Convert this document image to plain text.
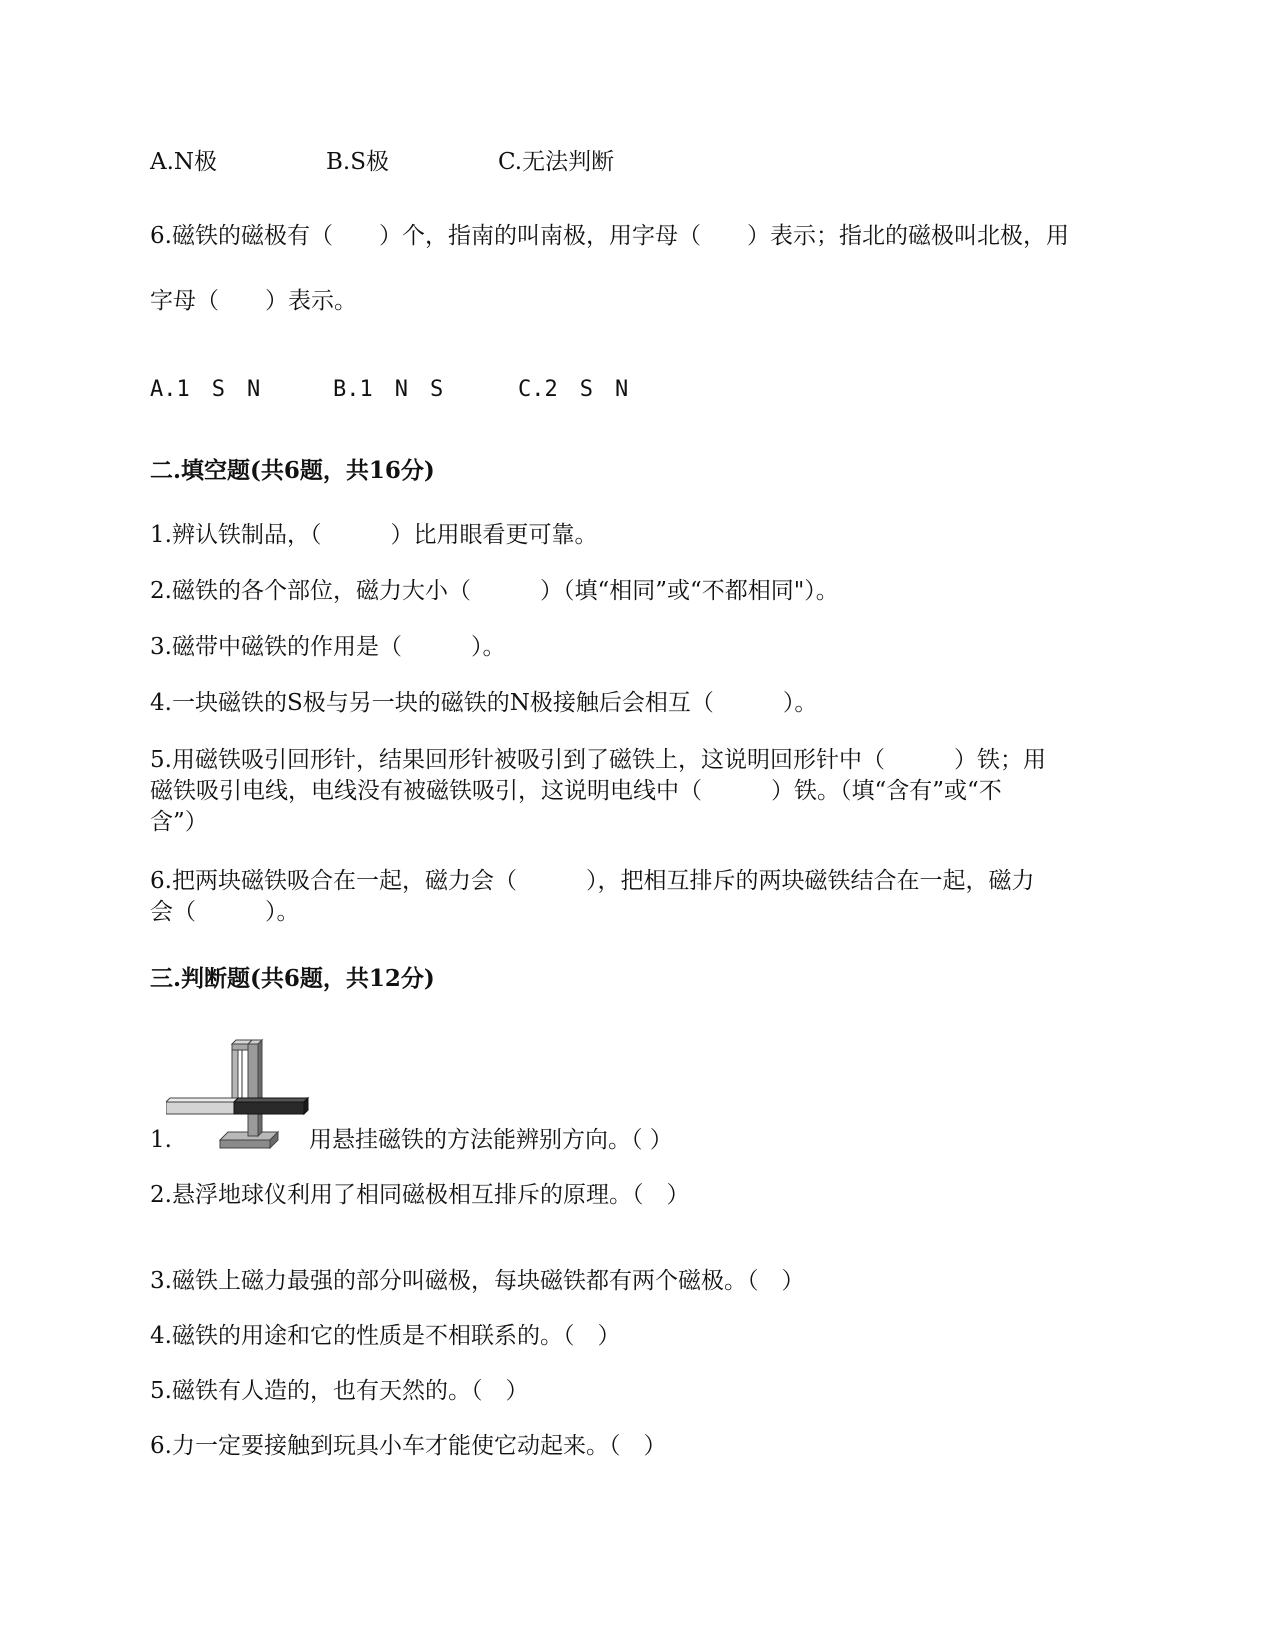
A.N极	B.S极	C.无法判断
6.磁铁的磁极有（　　）个，指南的叫南极，用字母（　　）表示；指北的磁极叫北极，用
字母（　　）表示。
A.1　S　N	B.1　N　S	C.2　S　N
二.填空题(共6题，共16分)
1.辨认铁制品，（　　　）比用眼看更可靠。
2.磁铁的各个部位，磁力大小（　　　）（填“相同”或“不都相同"）。
3.磁带中磁铁的作用是（　　　）。
4.一块磁铁的S极与另一块的磁铁的N极接触后会相互（　　　）。
5.用磁铁吸引回形针，结果回形针被吸引到了磁铁上，这说明回形针中（　　　）铁；用
磁铁吸引电线，电线没有被磁铁吸引，这说明电线中（　　　）铁。（填“含有”或“不
含”）
6.把两块磁铁吸合在一起，磁力会（　　　），把相互排斥的两块磁铁结合在一起，磁力
会（　　　）。
三.判断题(共6题，共12分)
1.	用悬挂磁铁的方法能辨别方向。（ ）
2.悬浮地球仪利用了相同磁极相互排斥的原理。（　）
3.磁铁上磁力最强的部分叫磁极，每块磁铁都有两个磁极。（　）
4.磁铁的用途和它的性质是不相联系的。（　）
5.磁铁有人造的，也有天然的。（　）
6.力一定要接触到玩具小车才能使它动起来。（　）
